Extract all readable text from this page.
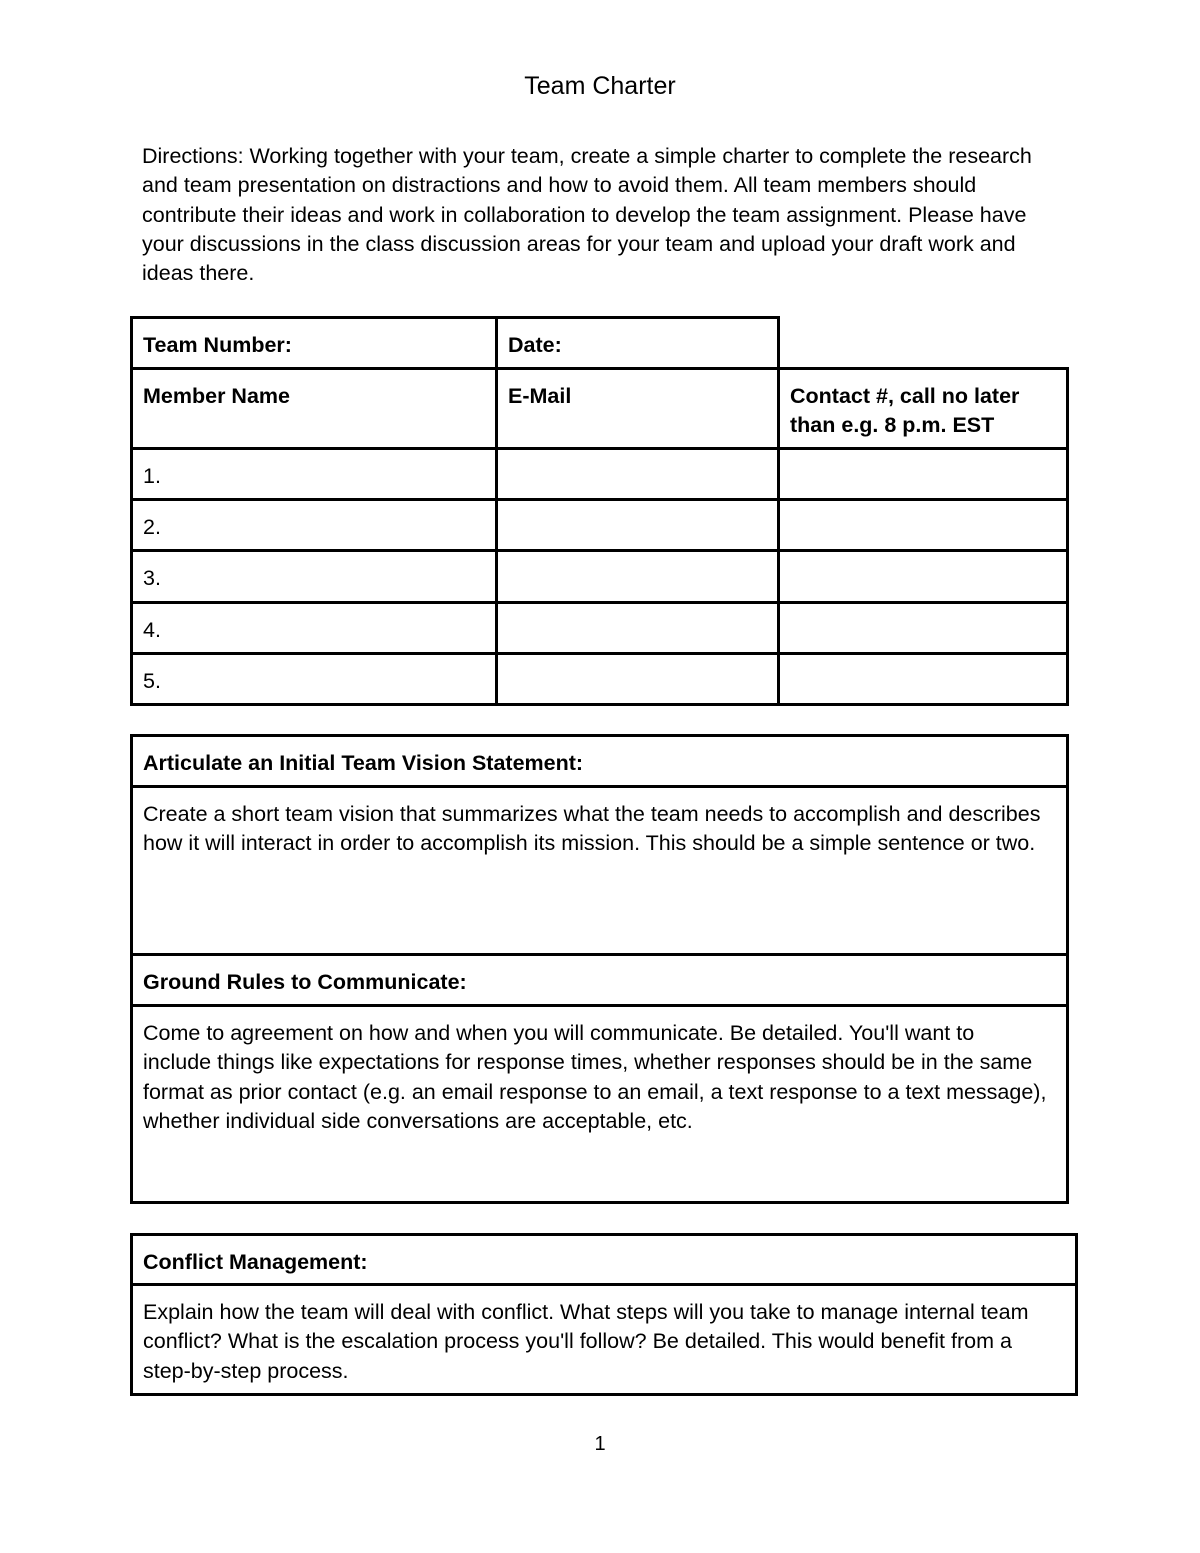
Team Charter

Directions: Working together with your team, create a simple charter to complete the research and team presentation on distractions and how to avoid them. All team members should contribute their ideas and work in collaboration to develop the team assignment. Please have your discussions in the class discussion areas for your team and upload your draft work and ideas there.

Team Number:	Date:
Member Name	E-Mail	Contact #, call no later than e.g. 8 p.m. EST
1.
2.
3.
4.
5.
Articulate an Initial Team Vision Statement:
Create a short team vision that summarizes what the team needs to accomplish and describes how it will interact in order to accomplish its mission. This should be a simple sentence or two.
Ground Rules to Communicate:
Come to agreement on how and when you will communicate. Be detailed. You'll want to include things like expectations for response times, whether responses should be in the same format as prior contact (e.g. an email response to an email, a text response to a text message), whether individual side conversations are acceptable, etc.
Conflict Management:
Explain how the team will deal with conflict. What steps will you take to manage internal team conflict? What is the escalation process you'll follow? Be detailed. This would benefit from a step-by-step process.
1
